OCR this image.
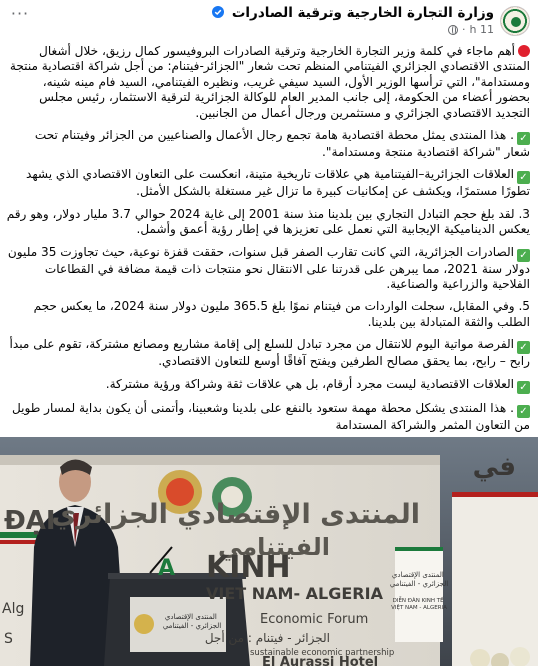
وزارة التجارة الخارجية وترقية الصادرات
11 h
·
···
أهم ماجاء في كلمة وزير التجارة الخارجية وترقية الصادرات البروفيسور كمال رزيق، خلال أشغال المنتدى الاقتصادي الجزائري الفيتنامي المنظم تحت شعار "الجزائر-فيتنام: من أجل شراكة اقتصادية منتجة ومستدامة"، التي ترأسها الوزير الأول، السيد سيفي غريب، ونظيره الفيتنامي، السيد فام مينه شينه، بحضور أعضاء من الحكومة، إلى جانب المدير العام للوكالة الجزائرية لترقية الاستثمار، رئيس مجلس التجديد الاقتصادي الجزائري و مستثمرين ورجال أعمال من الجانبين.
✓. هذا المنتدى يمثل محطة اقتصادية هامة تجمع رجال الأعمال والصناعيين من الجزائر وفيتنام تحت شعار "شراكة اقتصادية منتجة ومستدامة".
✓العلاقات الجزائرية–الفيتنامية هي علاقات تاريخية متينة، انعكست على التعاون الاقتصادي الذي يشهد تطورًا مستمرًا، ويكشف عن إمكانيات كبيرة ما تزال غير مستغلة بالشكل الأمثل.
3. لقد بلغ حجم التبادل التجاري بين بلدينا منذ سنة 2001 إلى غاية 2024 حوالي 3.7 مليار دولار، وهو رقم يعكس الديناميكية الإيجابية التي نعمل على تعزيزها في إطار رؤية أعمق وأشمل.
✓الصادرات الجزائرية، التي كانت تقارب الصفر قبل سنوات، حققت قفزة نوعية، حيث تجاوزت 35 مليون دولار سنة 2021، مما يبرهن على قدرتنا على الانتقال نحو منتجات ذات قيمة مضافة في القطاعات الفلاحية والزراعية والصناعية.
5. وفي المقابل، سجلت الواردات من فيتنام نموًا بلغ 365.5 مليون دولار سنة 2024، ما يعكس حجم الطلب والثقة المتبادلة بين بلدينا.
✓الفرصة مواتية اليوم للانتقال من مجرد تبادل للسلع إلى إقامة مشاريع ومصانع مشتركة، تقوم على مبدأ رابح – رابح، بما يحقق مصالح الطرفين ويفتح آفاقًا أوسع للتعاون الاقتصادي.
✓العلاقات الاقتصادية ليست مجرد أرقام، بل هي علاقات ثقة وشراكة ورؤية مشتركة.
✓. هذا المنتدى يشكل محطة مهمة ستعود بالنفع على بلدينا وشعبينا، وأتمنى أن يكون بداية لمسار طويل من التعاون المثمر والشراكة المستدامة
المنتدى الإقتصادي الجزائري
الفيتنامي
في
ĐẠI
A KINH
VIET NAM- ALGERIA
Economic Forum
الجزائر - فيتنام : من أجل
sustainable economic partnership
El Aurassi Hotel
Alg
S
المنتدى الإقتصادي الجزائري - الفيتنامي
DIỄN ĐÀN KINH TẾ VIỆT NAM - ALGERIA
المنتدى الإقتصادي الجزائري - الفيتنامي
